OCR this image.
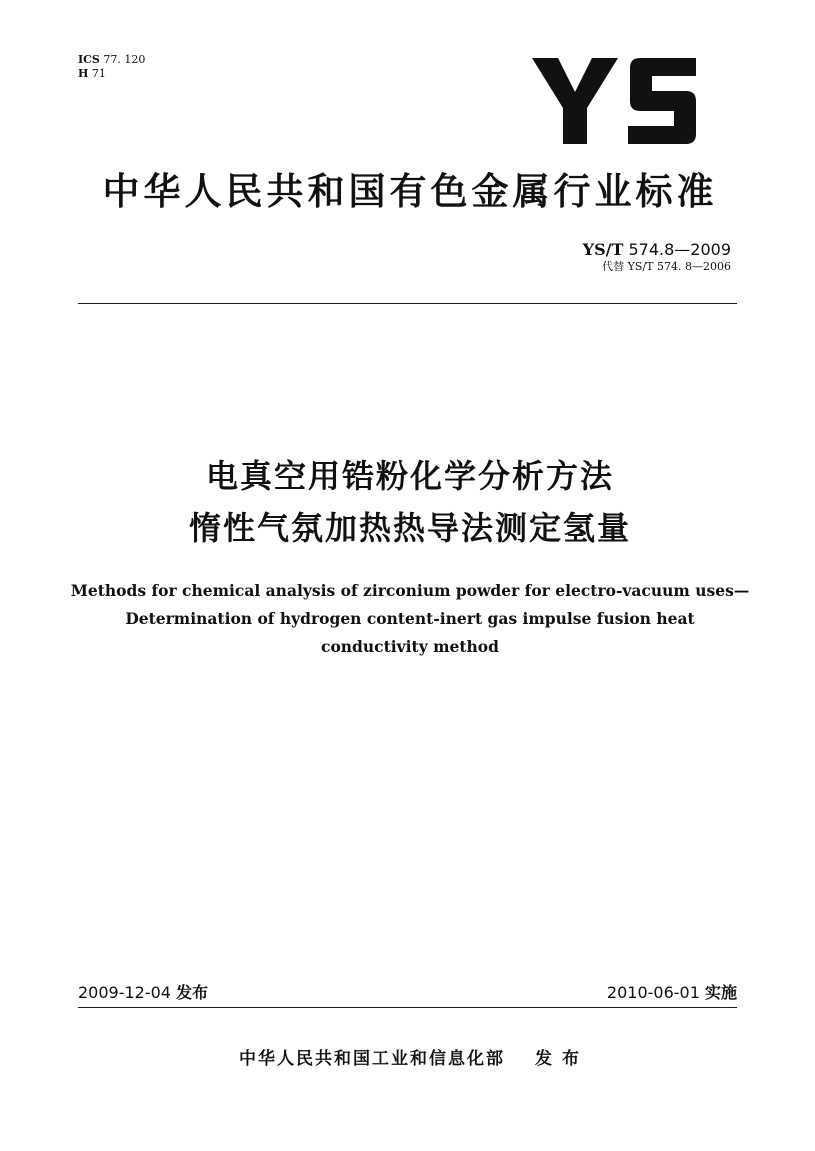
ICS 77. 120
H 71
中华人民共和国有色金属行业标准
YS/T 574.8—2009
代替 YS/T 574. 8—2006
电真空用锆粉化学分析方法
惰性气氛加热热导法测定氢量
Methods for chemical analysis of zirconium powder for electro-vacuum uses—
Determination of hydrogen content-inert gas impulse fusion heat
conductivity method
2009-12-04 发布	2010-06-01 实施
中华人民共和国工业和信息化部 发 布
